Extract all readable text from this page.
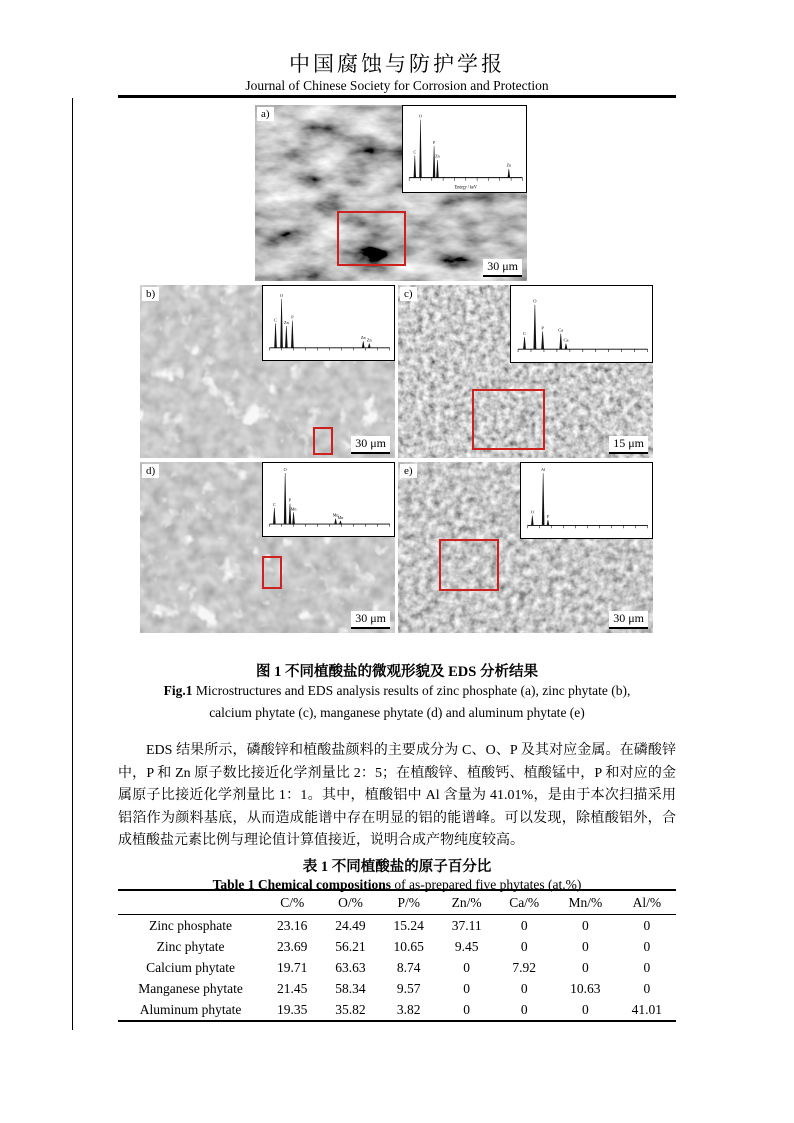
中国腐蚀与防护学报
Journal of Chinese Society for Corrosion and Protection
a)
C
O
P
Zn
Zn
Energy / keV
30 μm
b)
C
O
Zn
P
Zn Zn
30 μm
c)
C
O
P	Ca
Ca
15 μm
d)
C
O
P
Mn
Mn Mn
30 μm
e)
O
Al
P
30 μm
图 1 不同植酸盐的微观形貌及 EDS 分析结果
Fig.1 Microstructures and EDS analysis results of zinc phosphate (a), zinc phytate (b),
calcium phytate (c), manganese phytate (d) and aluminum phytate (e)

EDS 结果所示，磷酸锌和植酸盐颜料的主要成分为 C、O、P 及其对应金属。在磷酸锌中，P 和 Zn 原子数比接近化学剂量比 2：5；在植酸锌、植酸钙、植酸锰中，P 和对应的金属原子比接近化学剂量比 1：1。其中，植酸铝中 Al 含量为 41.01%，是由于本次扫描采用铝箔作为颜料基底，从而造成能谱中存在明显的铝的能谱峰。可以发现，除植酸铝外，合成植酸盐元素比例与理论值计算值接近，说明合成产物纯度较高。

表 1 不同植酸盐的原子百分比
Table 1 Chemical compositions of as-prepared five phytates (at.%)
	C/%	O/%	P/%	Zn/%	Ca/%	Mn/%	Al/%
Zinc phosphate	23.16	24.49	15.24	37.11	0	0	0
Zinc phytate	23.69	56.21	10.65	9.45	0	0	0
Calcium phytate	19.71	63.63	8.74	0	7.92	0	0
Manganese phytate	21.45	58.34	9.57	0	0	10.63	0
Aluminum phytate	19.35	35.82	3.82	0	0	0	41.01
